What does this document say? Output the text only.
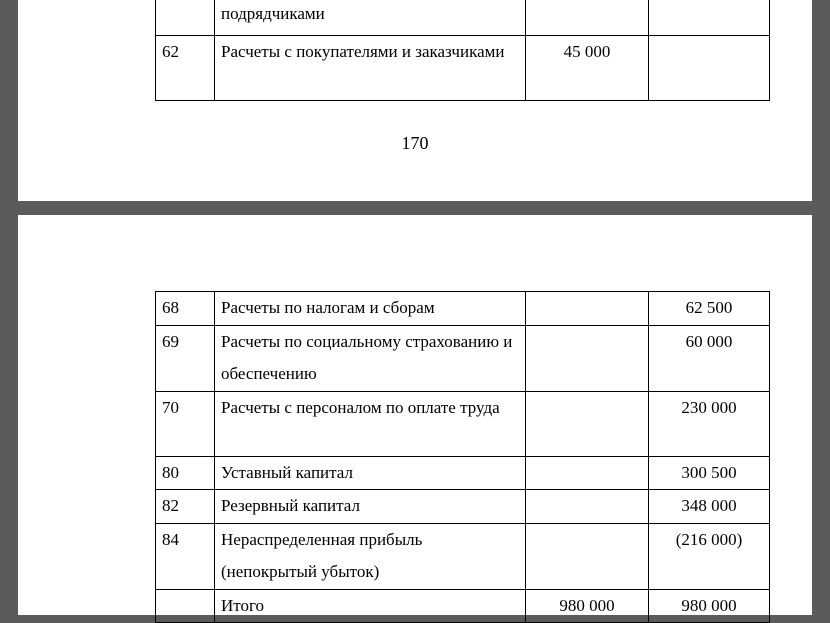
	подрядчиками		
62	Расчеты с покупателями и заказчиками	45 000	
170
68	Расчеты по налогам и сборам		62 500
69	Расчеты по социальному страхованию и обеспечению		60 000
70	Расчеты с персоналом по оплате труда		230 000
80	Уставный капитал		300 500
82	Резервный капитал		348 000
84	Нераспределенная прибыль (непокрытый убыток)		(216 000)
	Итого	980 000	980 000
